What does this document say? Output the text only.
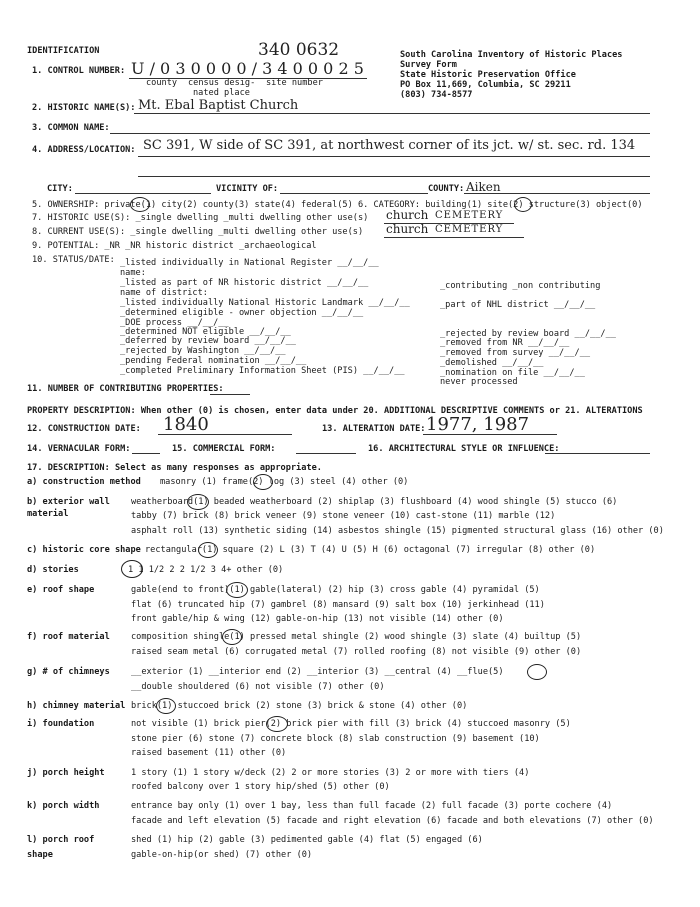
340 0632
IDENTIFICATION	South Carolina Inventory of Historic Places
Survey Form
State Historic Preservation Office
PO Box 11,669, Columbia, SC 29211
(803) 734-8577
1. CONTROL NUMBER: U / 0 3 0 0 0 0 / 3 4 0 0 0 2 5
county census desig-
nated place
site number
2. HISTORIC NAME(S): Mt. Ebal Baptist Church
3. COMMON NAME:
4. ADDRESS/LOCATION: SC 391, W side of SC 391, at northwest corner of its jct. w/ st. sec. rd. 134
CITY:	VICINITY OF:	COUNTY: Aiken
5. OWNERSHIP: private(1) city(2) county(3) state(4) federal(5) 6. CATEGORY: building(1) site(2) structure(3) object(0)
7. HISTORIC USE(S): _single dwelling _multi dwelling other use(s) church CEMETERY
8. CURRENT USE(S): _single dwelling _multi dwelling other use(s) church CEMETERY
9. POTENTIAL: _NR _NR historic district _archaeological
10. STATUS/DATE: _listed individually in National Register __/__/__
name:
_listed as part of NR historic district __/__/__
name of district:
_listed individually National Historic Landmark __/__/__
_determined eligible - owner objection __/__/__
_DOE process __/__/__
_determined NOT eligible __/__/__
_deferred by review board __/__/__
_rejected by Washington __/__/__
_pending Federal nomination __/__/__
_completed Preliminary Information Sheet (PIS) __/__/__
_contributing _non contributing
_part of NHL district __/__/__
_rejected by review board __/__/__
_removed from NR __/__/__
_removed from survey __/__/__
_demolished __/__/__
_nomination on file __/__/__
never processed
11. NUMBER OF CONTRIBUTING PROPERTIES:
PROPERTY DESCRIPTION: When other (0) is chosen, enter data under 20. ADDITIONAL DESCRIPTIVE COMMENTS or 21. ALTERATIONS
12. CONSTRUCTION DATE: 1840	13. ALTERATION DATE: 1977, 1987
14. VERNACULAR FORM:	15. COMMERCIAL FORM:	16. ARCHITECTURAL STYLE OR INFLUENCE:
17. DESCRIPTION: Select as many responses as appropriate.
a) construction method masonry (1) frame(2) log (3) steel (4) other (0)
b) exterior wall
material
weatherboard(1) beaded weatherboard (2) shiplap (3) flushboard (4) wood shingle (5) stucco (6)
tabby (7) brick (8) brick veneer (9) stone veneer (10) cast-stone (11) marble (12)
asphalt roll (13) synthetic siding (14) asbestos shingle (15) pigmented structural glass (16) other (0)
c) historic core shape rectangular(1) square (2) L (3) T (4) U (5) H (6) octagonal (7) irregular (8) other (0)
d) stories	1 1 1/2 2 2 1/2 3 4+ other (0)
e) roof shape	gable(end to front)(1) gable(lateral) (2) hip (3) cross gable (4) pyramidal (5)
flat (6) truncated hip (7) gambrel (8) mansard (9) salt box (10) jerkinhead (11)
front gable/hip & wing (12) gable-on-hip (13) not visible (14) other (0)
f) roof material composition shingle(1) pressed metal shingle (2) wood shingle (3) slate (4) builtup (5)
raised seam metal (6) corrugated metal (7) rolled roofing (8) not visible (9) other (0)
g) # of chimneys __exterior (1) __interior end (2) __interior (3) __central (4) __flue(5)
__double shouldered (6) not visible (7) other (0)
h) chimney material brick(1) stuccoed brick (2) stone (3) brick & stone (4) other (0)
i) foundation	not visible (1) brick pier(2) brick pier with fill (3) brick (4) stuccoed masonry (5)
stone pier (6) stone (7) concrete block (8) slab construction (9) basement (10)
raised basement (11) other (0)
j) porch height	1 story (1) 1 story w/deck (2) 2 or more stories (3) 2 or more with tiers (4)
roofed balcony over 1 story hip/shed (5) other (0)
k) porch width	entrance bay only (1) over 1 bay, less than full facade (2) full facade (3) porte cochere (4)
facade and left elevation (5) facade and right elevation (6) facade and both elevations (7) other (0)
l) porch roof
shape
shed (1) hip (2) gable (3) pedimented gable (4) flat (5) engaged (6)
gable-on-hip(or shed) (7) other (0)
